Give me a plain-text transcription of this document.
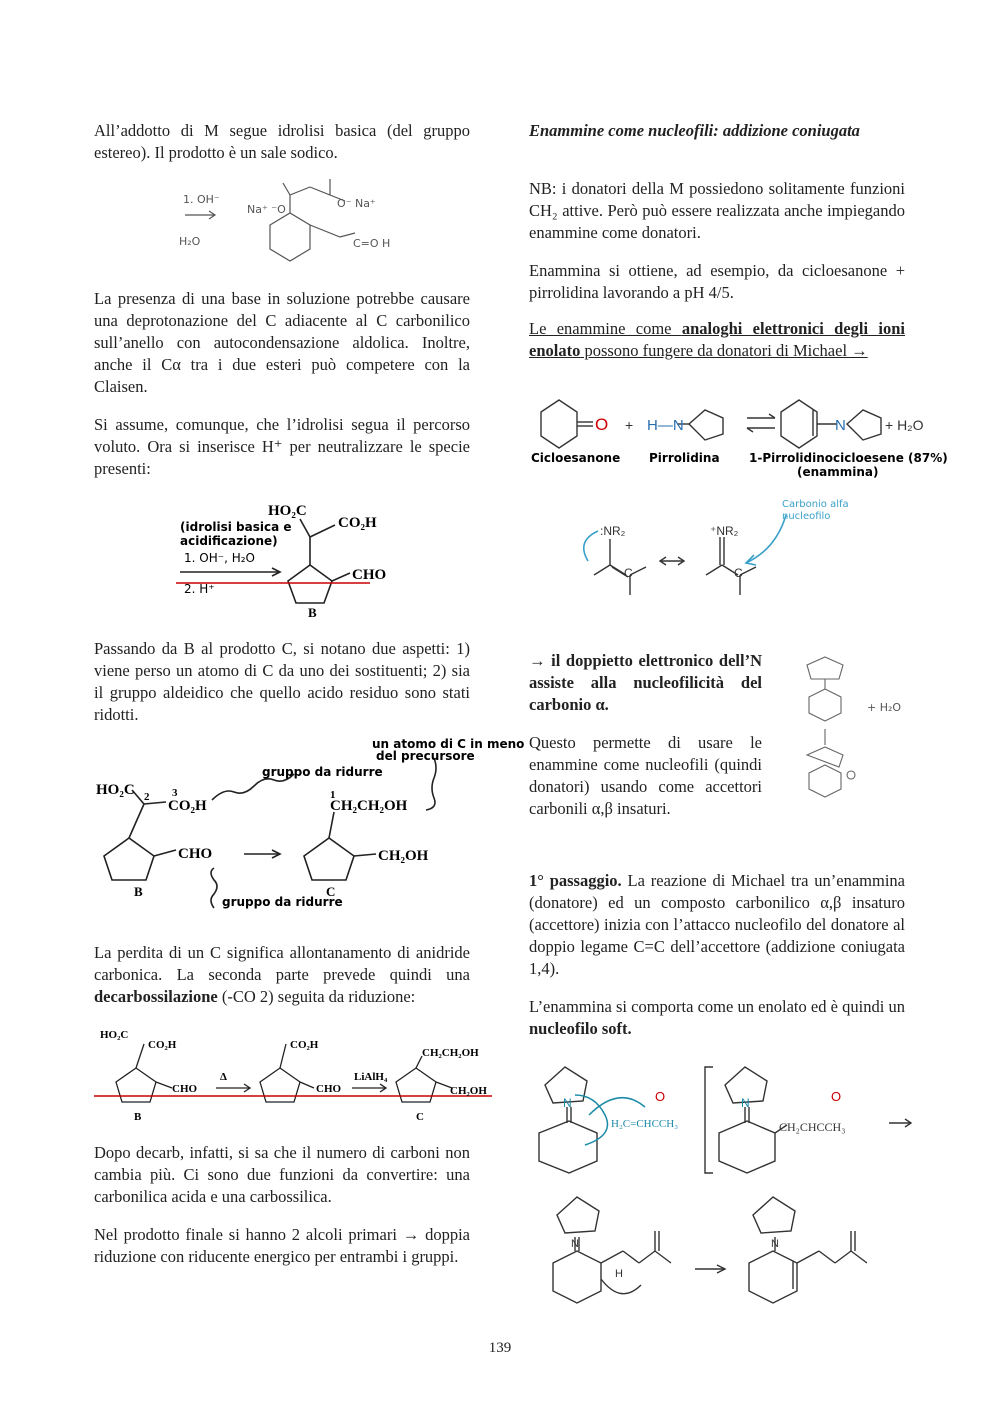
All’addotto di M segue idrolisi basica (del gruppo estereo). Il prodotto è un sale sodico.

1. OH⁻
H₂O
Na⁺ ⁻O	O⁻ Na⁺
C=O H

La presenza di una base in soluzione potrebbe causare una deprotonazione del C adiacente al C carbonilico sull’anello con autocondensazione aldolica. Inoltre, anche il Cα tra i due esteri può competere con la Claisen.

Si assume, comunque, che l’idrolisi segua il percorso voluto. Ora si inserisce H⁺ per neutralizzare le specie presenti:

(idrolisi basica e
acidificazione)
1. OH⁻, H₂O
2. H⁺
HO₂C
CO₂H
CHO
B

Passando da B al prodotto C, si notano due aspetti: 1) viene perso un atomo di C da uno dei sostituenti; 2) sia il gruppo aldeidico che quello acido residuo sono stati ridotti.

un atomo di C in meno
del precursore
gruppo da ridurre
gruppo da ridurre
HO₂C
CO₂H
CHO
CH₂CH₂OH
CH₂OH
2 3	1
B	C

La perdita di un C significa allontanamento di anidride carbonica. La seconda parte prevede quindi una decarbossilazione (-CO 2) seguita da riduzione:

HO₂C
CO₂H
CHO
Δ
CO₂H
CHO
LiAlH₄
CH₂CH₂OH
CH₂OH
B	C

Dopo decarb, infatti, si sa che il numero di carboni non cambia più. Ci sono due funzioni da convertire: una carbonilica acida e una carbossilica.

Nel prodotto finale si hanno 2 alcoli primari → doppia riduzione con riducente energico per entrambi i gruppi.

Enammine come nucleofili: addizione coniugata

NB: i donatori della M possiedono solitamente funzioni CH₂ attive. Però può essere realizzata anche impiegando enammine come donatori.

Enammina si ottiene, ad esempio, da cicloesanone + pirrolidina lavorando a pH 4/5.

Le enammine come analoghi elettronici degli ioni enolato possono fungere da donatori di Michael →

O + H—N	N	+ H₂O
Cicloesanone Pirrolidina 1-Pirrolidinocicloesene (87%)
(enammina)
:NR₂	⁺NR₂
C	C
Carbonio alfa
nucleofilo

→ il doppietto elettronico dell’N assiste alla nucleofilicità del carbonio α.

Questo permette di usare le enammine come nucleofili (quindi donatori) usando come accettori carbonili α,β insaturi.

+ H₂O

1° passaggio. La reazione di Michael tra un’enammina (donatore) ed un composto carbonilico α,β insaturo (accettore) inizia con l’attacco nucleofilo del donatore al doppio legame C=C dell’accettore (addizione coniugata 1,4).

L’enammina si comporta come un enolato ed è quindi un nucleofilo soft.

N
H₂C=CHCCH₃
O	N
CH₂CHCCH₃
O
H
N	N
139
